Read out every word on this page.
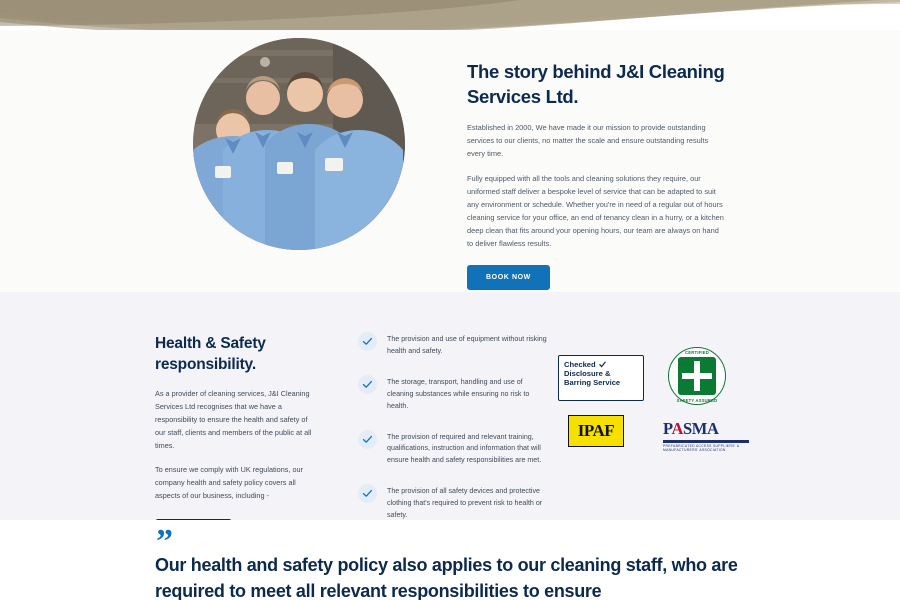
The story behind J&I Cleaning Services Ltd.

Established in 2000, We have made it our mission to provide outstanding services to our clients, no matter the scale and ensure outstanding results every time.

Fully equipped with all the tools and cleaning solutions they require, our uniformed staff deliver a bespoke level of service that can be adapted to suit any environment or schedule. Whether you're in need of a regular out of hours cleaning service for your office, an end of tenancy clean in a hurry, or a kitchen deep clean that fits around your opening hours, our team are always on hand to deliver flawless results.

BOOK NOW
Health & Safety responsibility.

As a provider of cleaning services, J&I Cleaning Services Ltd recognises that we have a responsibility to ensure the health and safety of our staff, clients and members of the public at all times.

To ensure we comply with UK regulations, our company health and safety policy covers all aspects of our business, including -

The provision and use of equipment without risking health and safety.
The storage, transport, handling and use of cleaning substances while ensuring no risk to health.
The provision of required and relevant training, qualifications, instruction and information that will ensure health and safety responsibilities are met.
The provision of all safety devices and protective clothing that's required to prevent risk to health or safety.
Checked
Disclosure &
Barring Service
CERTIFIED
SAFETY ASSURED
IPAF	PASMA
PREFABRICATED ACCESS SUPPLIERS' & MANUFACTURERS' ASSOCIATION
”
Our health and safety policy also applies to our cleaning staff, who are required to meet all relevant responsibilities to ensure
